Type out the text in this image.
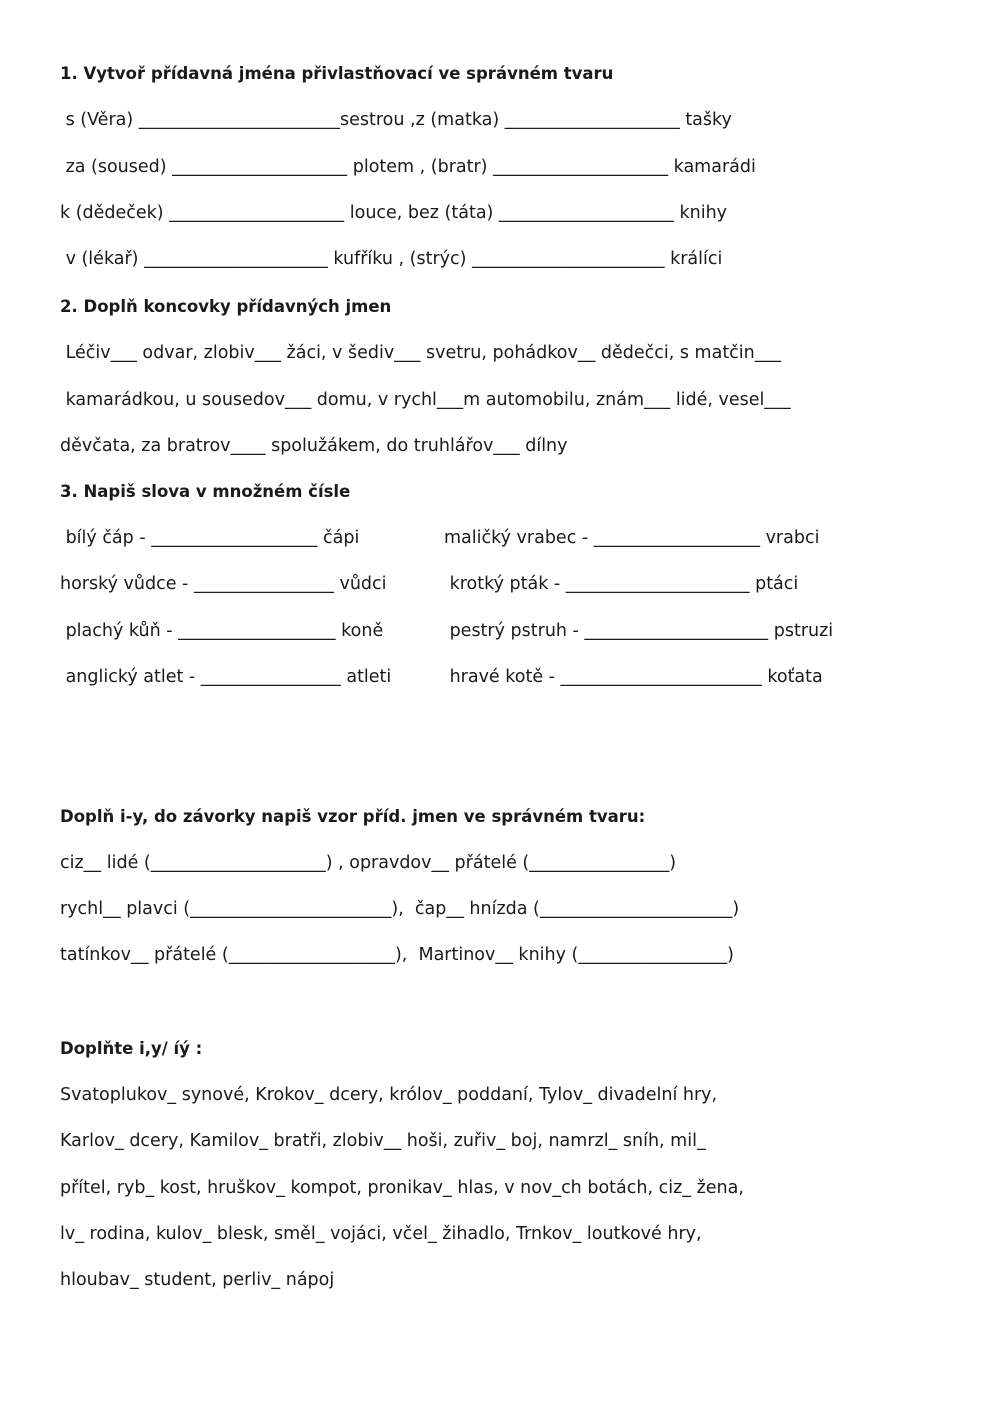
1. Vytvoř přídavná jména přivlastňovací ve správném tvaru
s (Věra) _______________________sestrou ,z (matka) ____________________ tašky
za (soused) ____________________ plotem , (bratr) ____________________ kamarádi
k (dědeček) ____________________ louce, bez (táta) ____________________ knihy
v (lékař) _____________________ kufříku , (strýc) ______________________ králíci
2. Doplň koncovky přídavných jmen
Léčiv___ odvar, zlobiv___ žáci, v šediv___ svetru, pohádkov__ dědečci, s matčin___
kamarádkou, u sousedov___ domu, v rychl___m automobilu, znám___ lidé, vesel___
děvčata, za bratrov____ spolužákem, do truhlářov___ dílny
3. Napiš slova v množném čísle
bílý čáp - ___________________ čápi
horský vůdce - ________________ vůdci
plachý kůň - __________________ koně
anglický atlet - ________________ atleti
maličký vrabec - ___________________ vrabci
krotký pták - _____________________ ptáci
pestrý pstruh - _____________________ pstruzi
hravé kotě - _______________________ koťata
Doplň i-y, do závorky napiš vzor příd. jmen ve správném tvaru:
ciz__ lidé (____________________) , opravdov__ přátelé (________________)
rychl__ plavci (_______________________),  čap__ hnízda (______________________)
tatínkov__ přátelé (___________________),  Martinov__ knihy (_________________)
Doplňte i,y/ íý :
Svatoplukov_ synové, Krokov_ dcery, królov_ poddaní, Tylov_ divadelní hry,
Karlov_ dcery, Kamilov_ bratři, zlobiv__ hoši, zuřiv_ boj, namrzl_ sníh, mil_
přítel, ryb_ kost, hruškov_ kompot, pronikav_ hlas, v nov_ch botách, ciz_ žena,
lv_ rodina, kulov_ blesk, směl_ vojáci, včel_ žihadlo, Trnkov_ loutkové hry,
hloubav_ student, perliv_ nápoj
